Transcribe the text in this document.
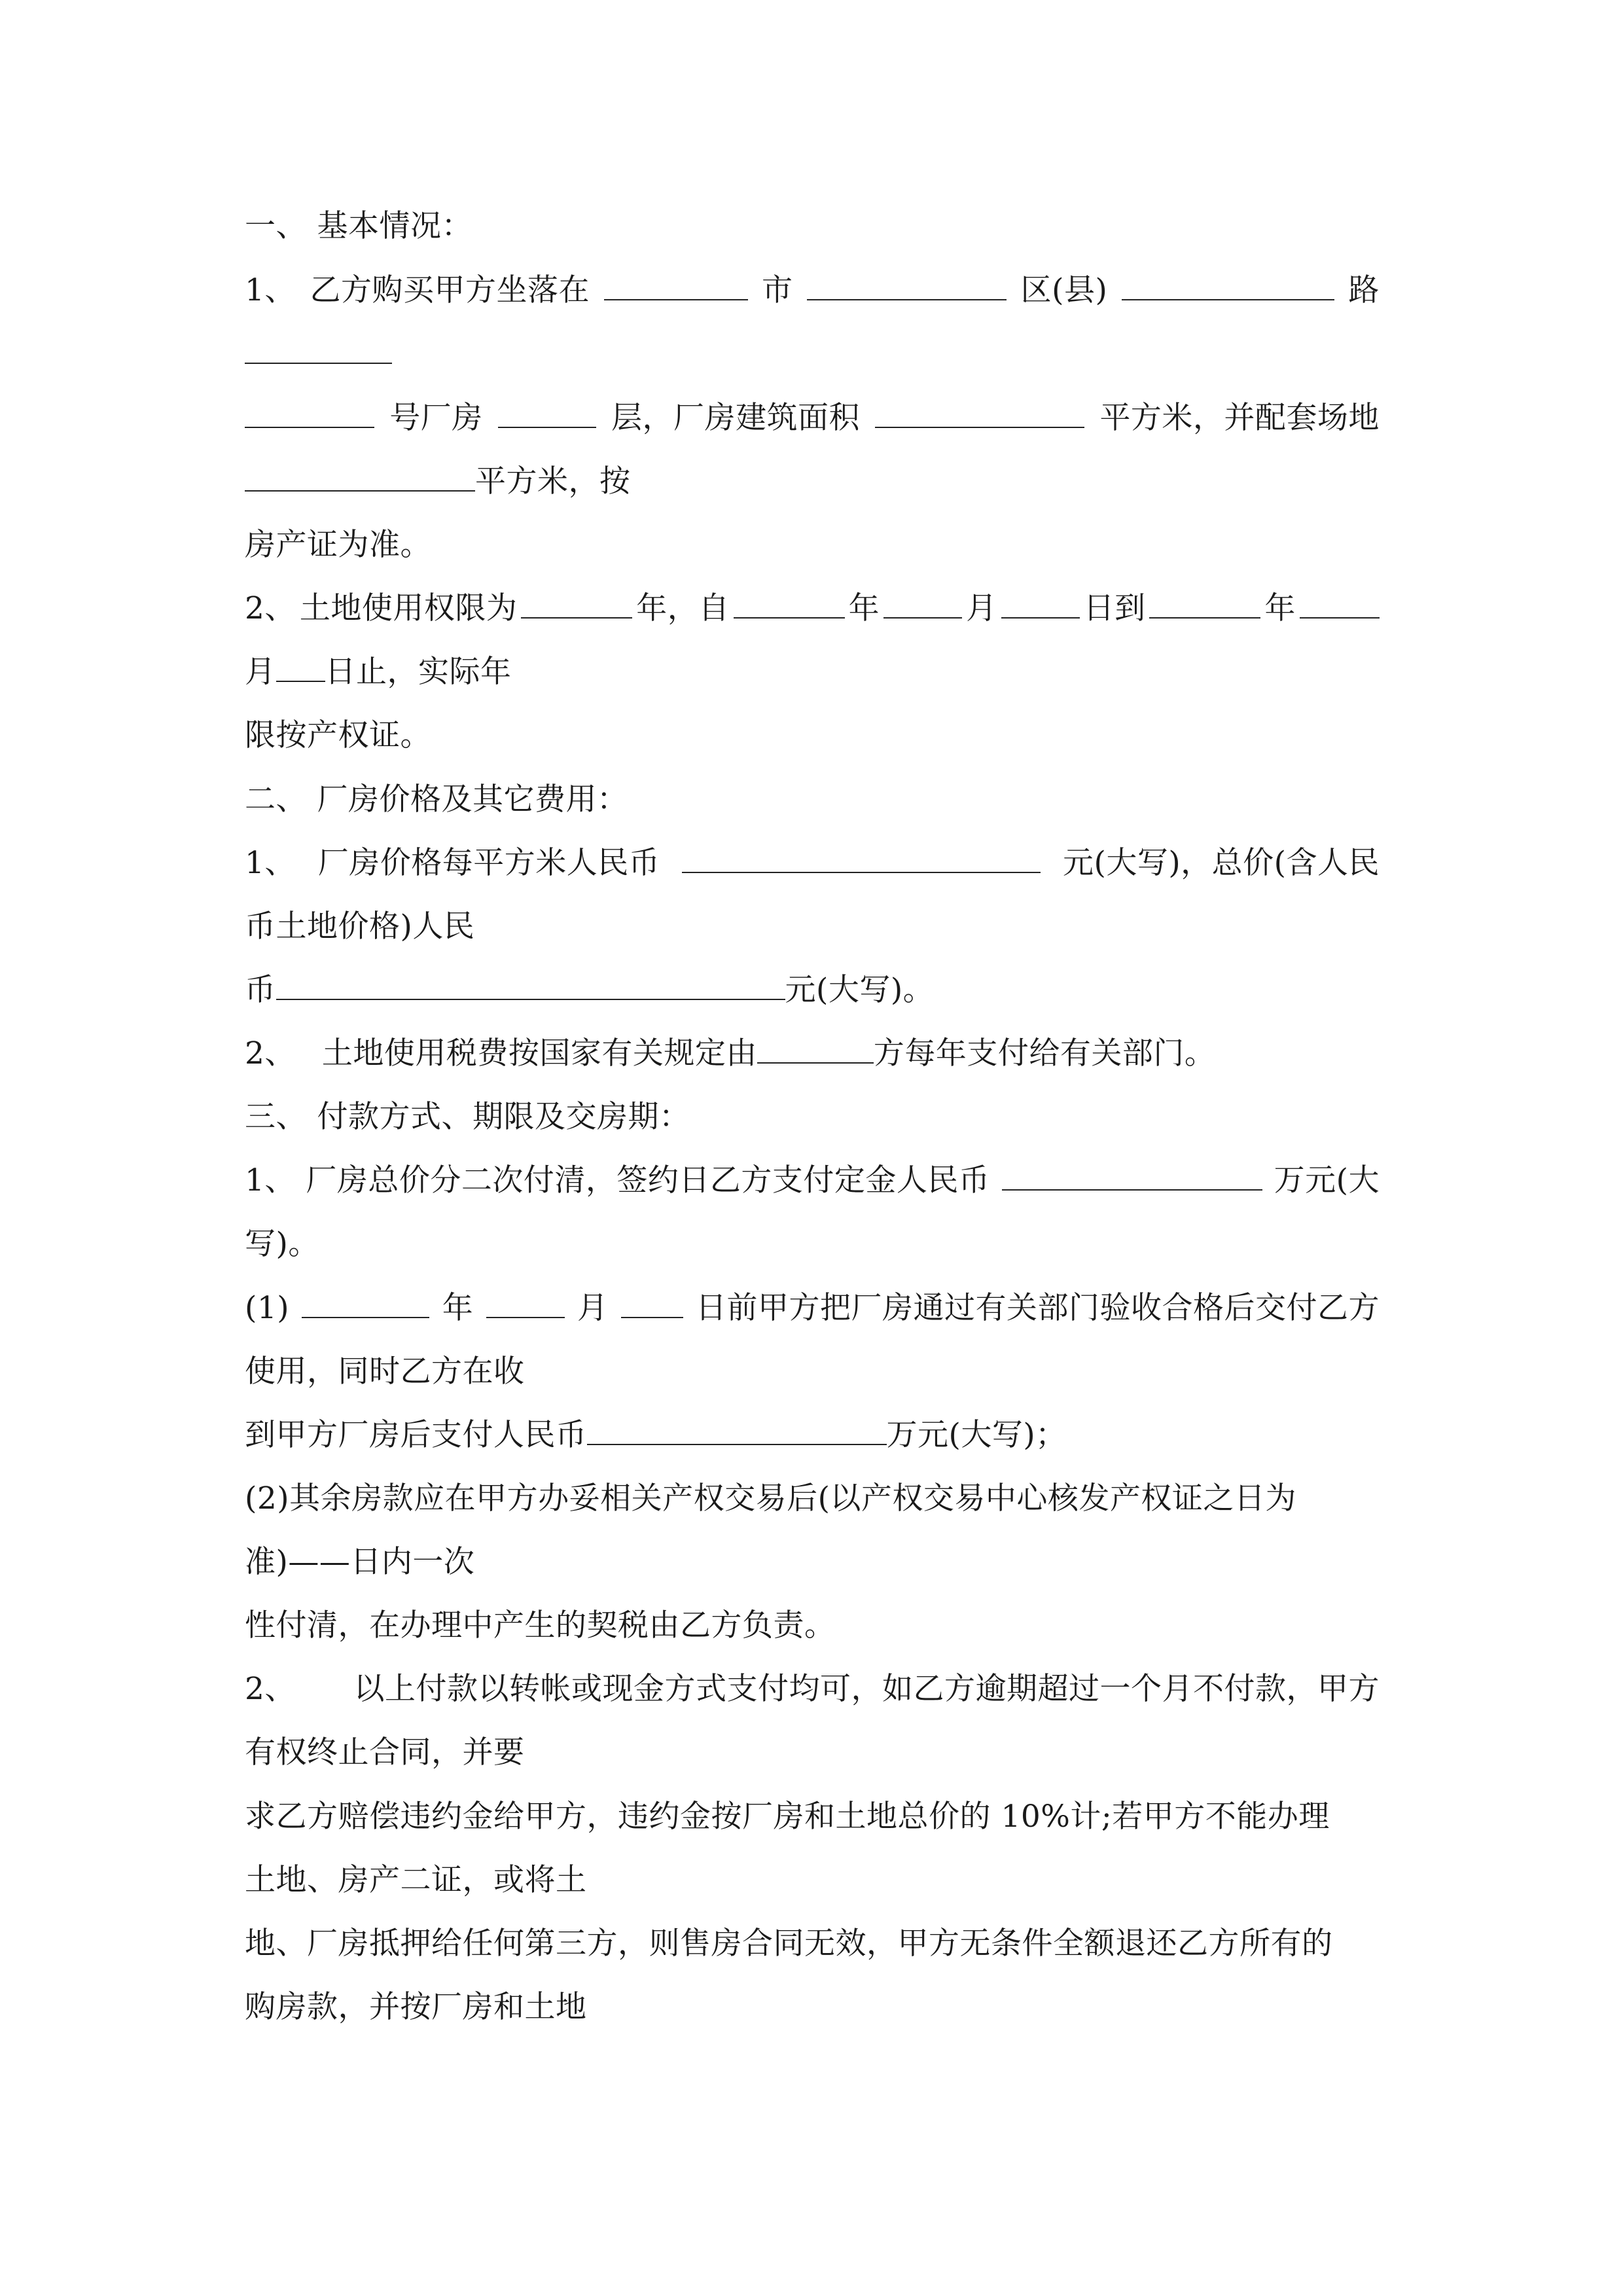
一、 基本情况：
1、 乙方购买甲方坐落在	市	区(县)	路
号厂房	层，厂房建筑面积	平方米，并配套场地
平方米，按
房产证为准。
2、 土地使用权限为	年，自	年	月	日到	年
月 日止，实际年
限按产权证。
二、 厂房价格及其它费用：
1、 厂房价格每平方米人民币	元(大写)，总价(含人民
币土地价格)人民
币	元(大写)。
2、 土地使用税费按国家有关规定由	方每年支付给有关部门。
三、 付款方式、期限及交房期：
1、 厂房总价分二次付清，签约日乙方支付定金人民币	万元(大
写)。
(1)	年	月	日前甲方把厂房通过有关部门验收合格后交付乙方
使用，同时乙方在收
到甲方厂房后支付人民币	万元(大写)；
(2)其余房款应在甲方办妥相关产权交易后(以产权交易中心核发产权证之日为
准)——日内一次
性付清，在办理中产生的契税由乙方负责。
2、 以上付款以转帐或现金方式支付均可，如乙方逾期超过一个月不付款，甲方
有权终止合同，并要
求乙方赔偿违约金给甲方，违约金按厂房和土地总价的 10%计;若甲方不能办理
土地、房产二证，或将土
地、厂房抵押给任何第三方，则售房合同无效，甲方无条件全额退还乙方所有的
购房款，并按厂房和土地
